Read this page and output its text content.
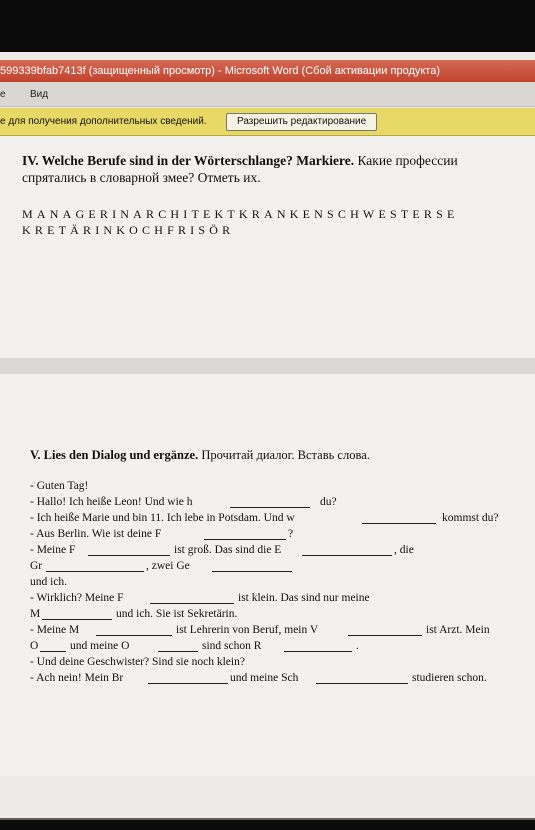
599339bfab7413f (защищенный просмотр) - Microsoft Word (Сбой активации продукта)
е Вид
е для получения дополнительных сведений.	Разрешить редактирование
IV. Welche Berufe sind in der Wörterschlange? Markiere. Какие профессии спрятались в словарной змее? Отметь их.
MANAGERINARCHITEKTKRANKENSCHWESTERSE
KRETÄRINKOCHFRISÖR
V. Lies den Dialog und ergänze. Прочитай диалог. Вставь слова.
- Guten Tag!
- Hallo! Ich heiße Leon! Und wie h	du?
- Ich heiße Marie und bin 11. Ich lebe in Potsdam. Und w	kommst du?
- Aus Berlin. Wie ist deine F	?
- Meine F	ist groß. Das sind die E	, die
Gr	, zwei Ge
und ich.
- Wirklich? Meine F	ist klein. Das sind nur meine
M	und ich. Sie ist Sekretärin.
- Meine M	ist Lehrerin von Beruf, mein V	ist Arzt. Mein
O	und meine O	sind schon R	.
- Und deine Geschwister? Sind sie noch klein?
- Ach nein! Mein Br	und meine Sch	studieren schon.
